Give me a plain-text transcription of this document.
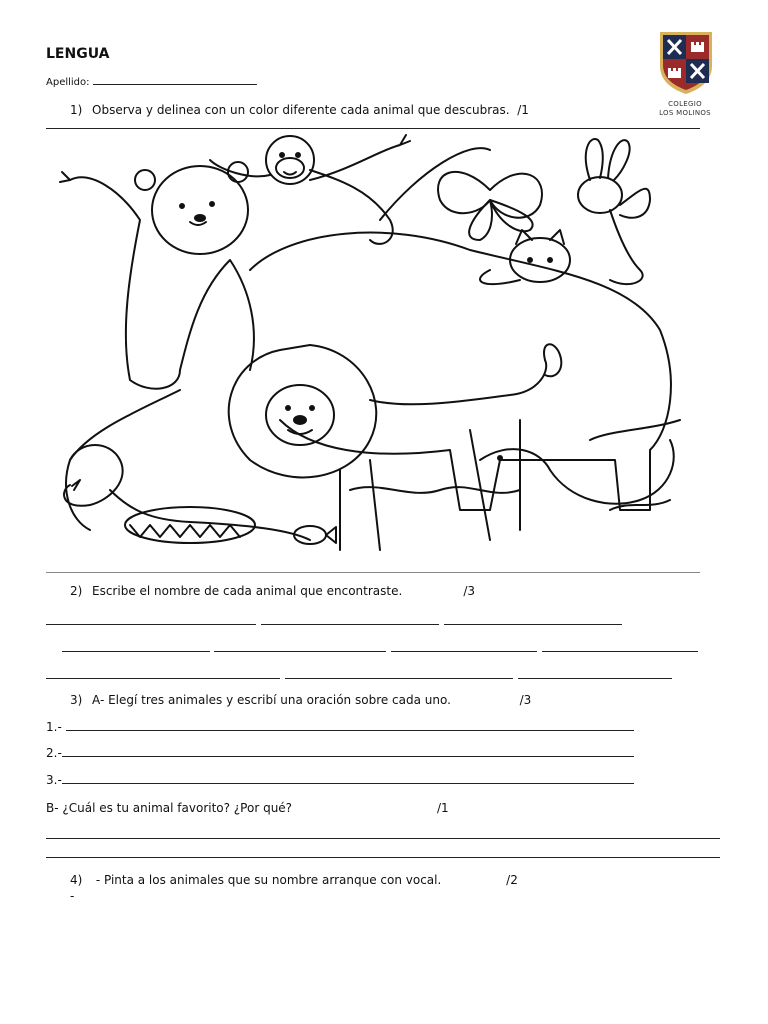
LENGUA
Apellido:
COLEGIO
LOS MOLINOS
1) Observa y delinea con un color diferente cada animal que descubras. /1
2) Escribe el nombre de cada animal que encontraste.	/3
3) A- Elegí tres animales y escribí una oración sobre cada uno.	/3
1.-
2.-
3.-
B- ¿Cuál es tu animal favorito? ¿Por qué?	/1
4) - Pinta a los animales que su nombre arranque con vocal.	/2
-
